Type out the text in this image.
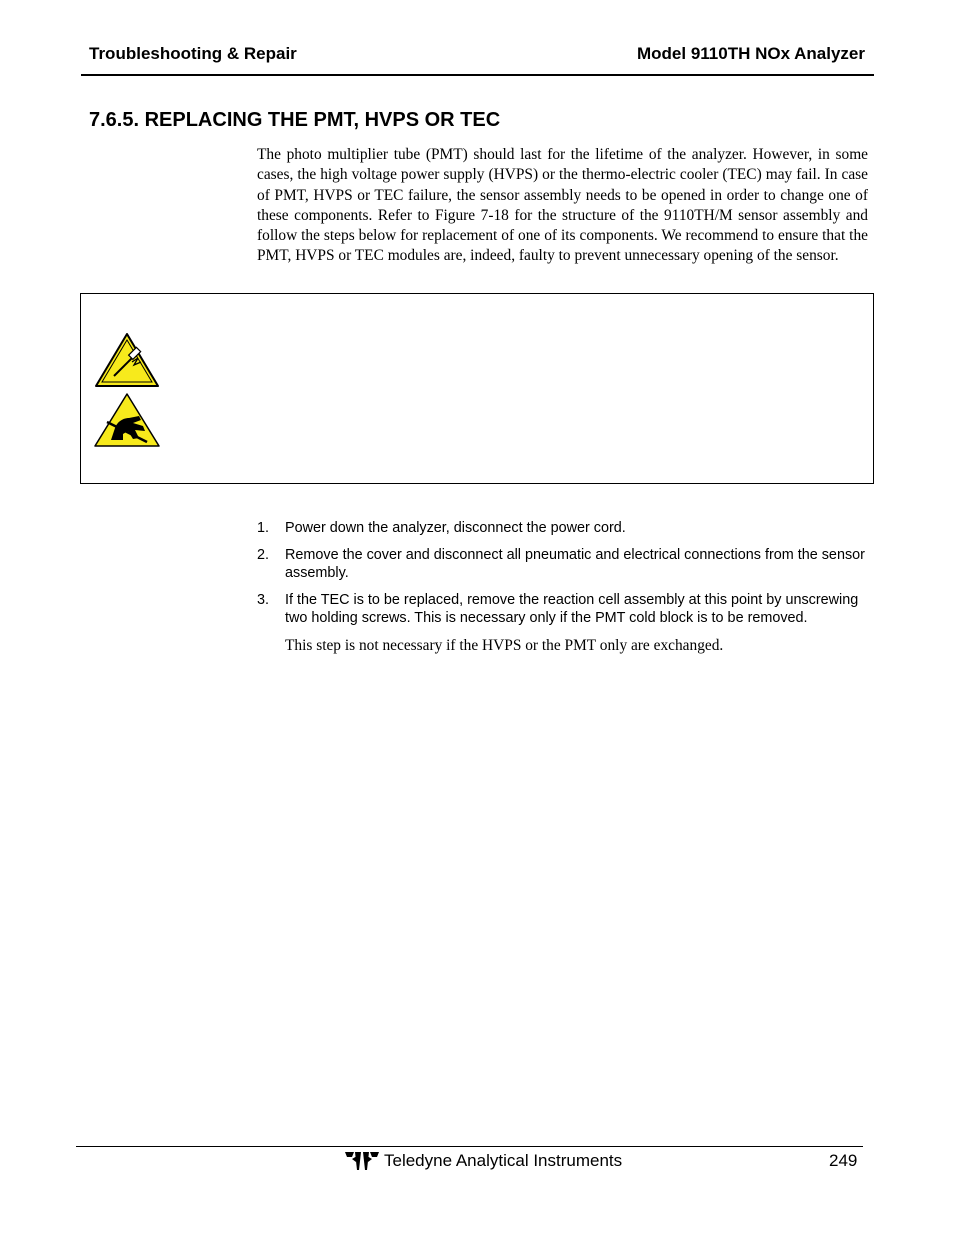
Troubleshooting & Repair	Model 9110TH NOx Analyzer
7.6.5. REPLACING THE PMT, HVPS OR TEC

The photo multiplier tube (PMT) should last for the lifetime of the analyzer. However, in some cases, the high voltage power supply (HVPS) or the thermo-electric cooler (TEC) may fail. In case of PMT, HVPS or TEC failure, the sensor assembly needs to be opened in order to change one of these components. Refer to Figure 7-18 for the structure of the 9110TH/M sensor assembly and follow the steps below for replacement of one of its components. We recommend to ensure that the PMT, HVPS or TEC modules are, indeed, faulty to prevent unnecessary opening of the sensor.

1. Power down the analyzer, disconnect the power cord.
2. Remove the cover and disconnect all pneumatic and electrical connections from the sensor assembly.
3. If the TEC is to be replaced, remove the reaction cell assembly at this point by unscrewing two holding screws. This is necessary only if the PMT cold block is to be removed.

This step is not necessary if the HVPS or the PMT only are exchanged.

Teledyne Analytical Instruments	249
